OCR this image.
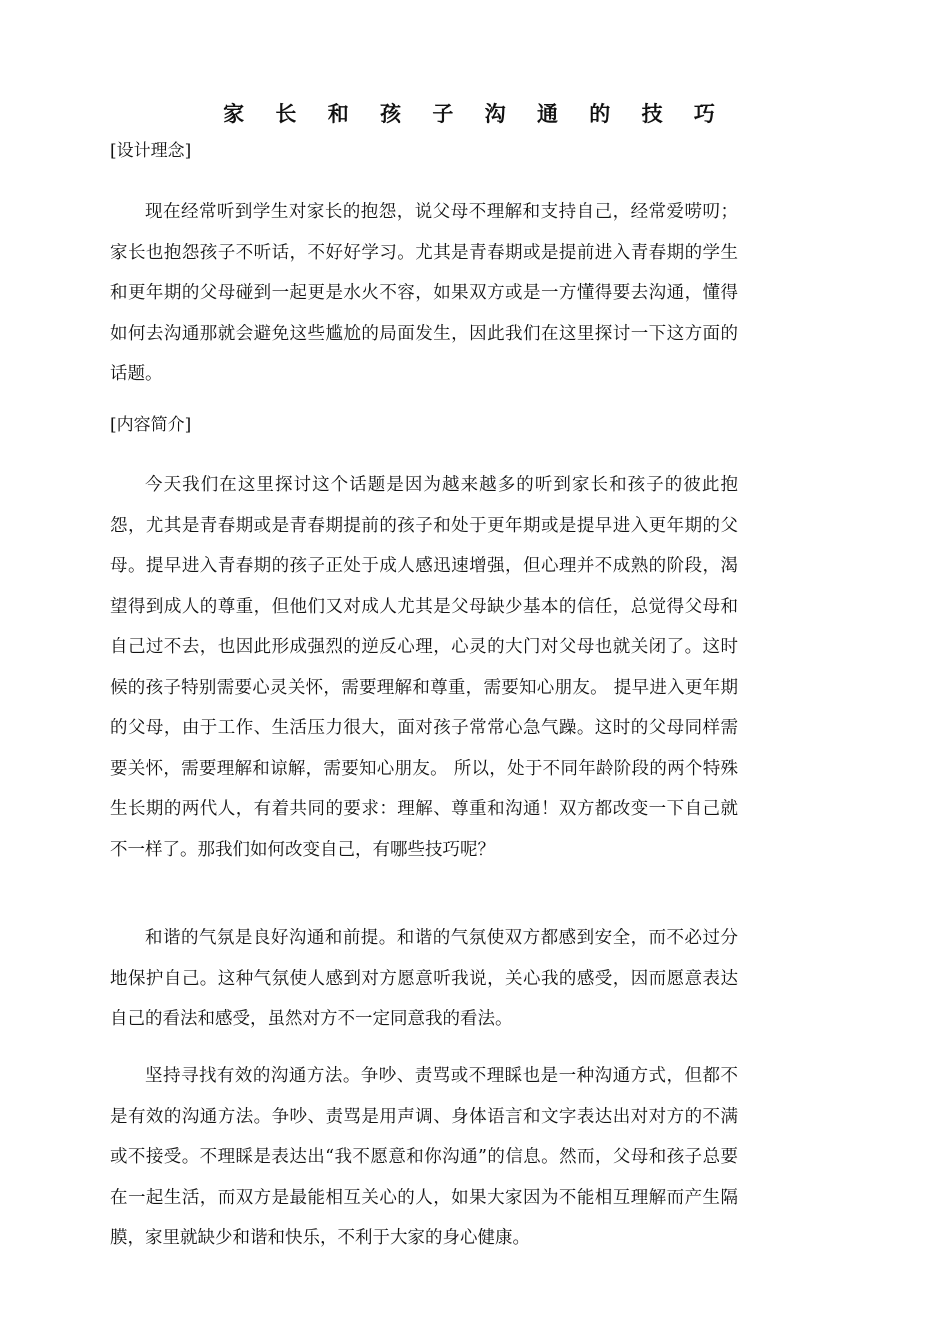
家 长 和 孩 子 沟 通 的 技 巧
[设计理念]

现在经常听到学生对家长的抱怨，说父母不理解和支持自己，经常爱唠叨；家长也抱怨孩子不听话，不好好学习。尤其是青春期或是提前进入青春期的学生和更年期的父母碰到一起更是水火不容，如果双方或是一方懂得要去沟通，懂得如何去沟通那就会避免这些尴尬的局面发生，因此我们在这里探讨一下这方面的话题。

[内容简介]

今天我们在这里探讨这个话题是因为越来越多的听到家长和孩子的彼此抱怨，尤其是青春期或是青春期提前的孩子和处于更年期或是提早进入更年期的父母。提早进入青春期的孩子正处于成人感迅速增强，但心理并不成熟的阶段，渴望得到成人的尊重，但他们又对成人尤其是父母缺少基本的信任，总觉得父母和自己过不去，也因此形成强烈的逆反心理，心灵的大门对父母也就关闭了。这时候的孩子特别需要心灵关怀，需要理解和尊重，需要知心朋友。 提早进入更年期的父母，由于工作、生活压力很大，面对孩子常常心急气躁。这时的父母同样需要关怀，需要理解和谅解，需要知心朋友。 所以，处于不同年龄阶段的两个特殊生长期的两代人，有着共同的要求：理解、尊重和沟通！双方都改变一下自己就不一样了。那我们如何改变自己，有哪些技巧呢？

和谐的气氛是良好沟通和前提。和谐的气氛使双方都感到安全，而不必过分地保护自己。这种气氛使人感到对方愿意听我说，关心我的感受，因而愿意表达自己的看法和感受，虽然对方不一定同意我的看法。

坚持寻找有效的沟通方法。争吵、责骂或不理睬也是一种沟通方式，但都不是有效的沟通方法。争吵、责骂是用声调、身体语言和文字表达出对对方的不满或不接受。不理睬是表达出“我不愿意和你沟通”的信息。然而，父母和孩子总要在一起生活，而双方是最能相互关心的人，如果大家因为不能相互理解而产生隔膜，家里就缺少和谐和快乐，不利于大家的身心健康。
